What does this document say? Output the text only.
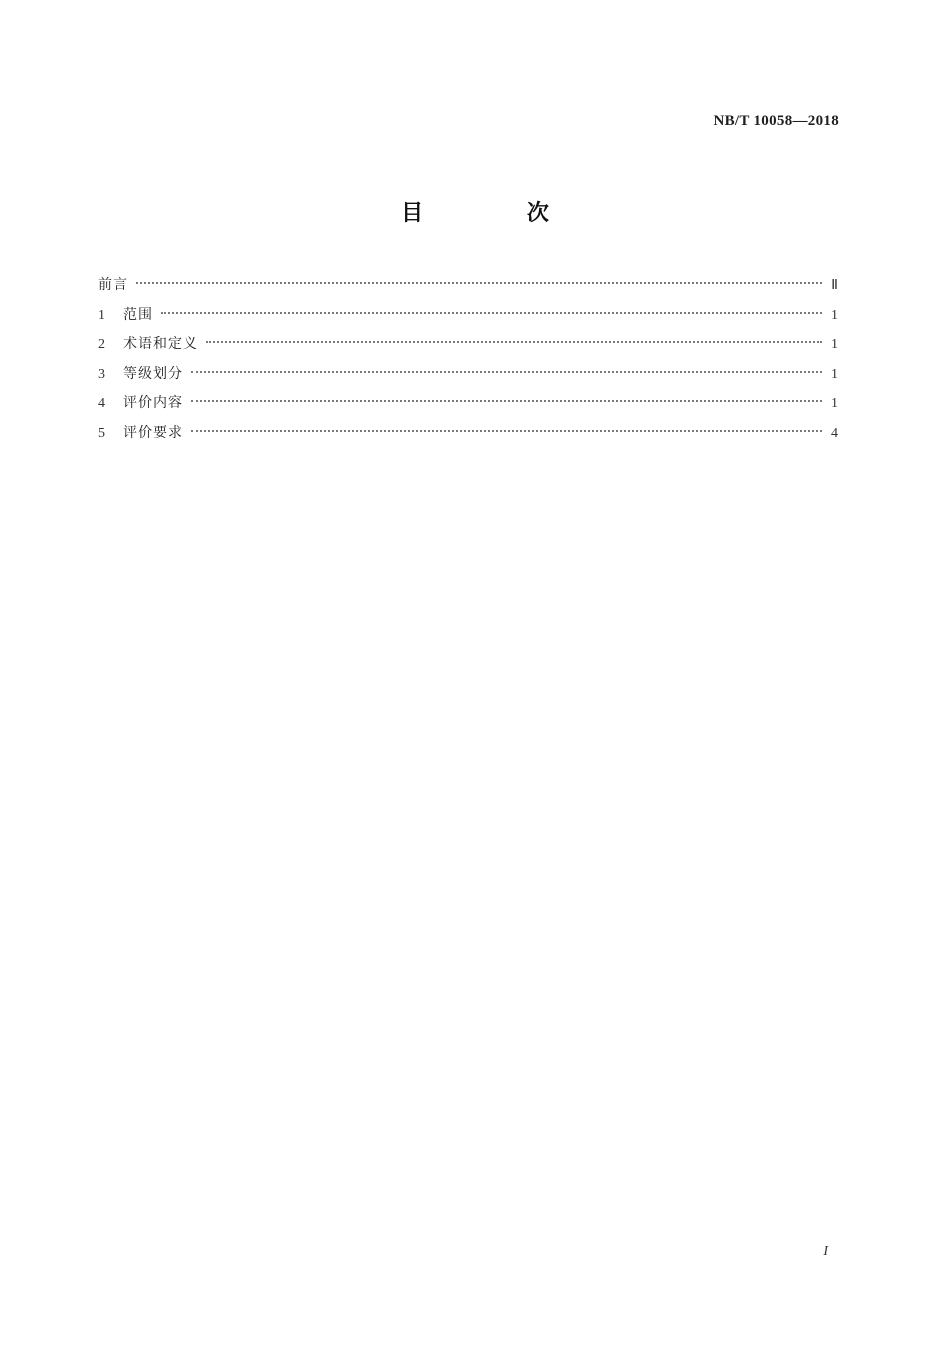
NB/T 10058—2018
目 次
前言	Ⅱ
1	范围	1
2	术语和定义	1
3	等级划分	1
4	评价内容	1
5	评价要求	4
I
